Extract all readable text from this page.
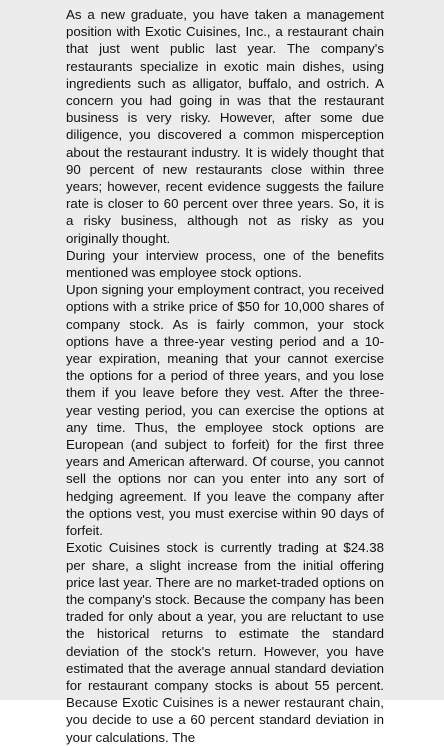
As a new graduate, you have taken a management position with Exotic Cuisines, Inc., a restaurant chain that just went public last year. The company's restaurants specialize in exotic main dishes, using ingredients such as alligator, buffalo, and ostrich. A concern you had going in was that the restaurant business is very risky. However, after some due diligence, you discovered a common misperception about the restaurant industry. It is widely thought that 90 percent of new restaurants close within three years; however, recent evidence suggests the failure rate is closer to 60 percent over three years. So, it is a risky business, although not as risky as you originally thought.

During your interview process, one of the benefits mentioned was employee stock options.

Upon signing your employment contract, you received options with a strike price of $50 for 10,000 shares of company stock. As is fairly common, your stock options have a three-year vesting period and a 10-year expiration, meaning that your cannot exercise the options for a period of three years, and you lose them if you leave before they vest. After the three-year vesting period, you can exercise the options at any time. Thus, the employee stock options are European (and subject to forfeit) for the first three years and American afterward. Of course, you cannot sell the options nor can you enter into any sort of hedging agreement. If you leave the company after the options vest, you must exercise within 90 days of forfeit.

Exotic Cuisines stock is currently trading at $24.38 per share, a slight increase from the initial offering price last year. There are no market-traded options on the company's stock. Because the company has been traded for only about a year, you are reluctant to use the historical returns to estimate the standard deviation of the stock's return. However, you have estimated that the average annual standard deviation for restaurant company stocks is about 55 percent. Because Exotic Cuisines is a newer restaurant chain, you decide to use a 60 percent standard deviation in your calculations. The
